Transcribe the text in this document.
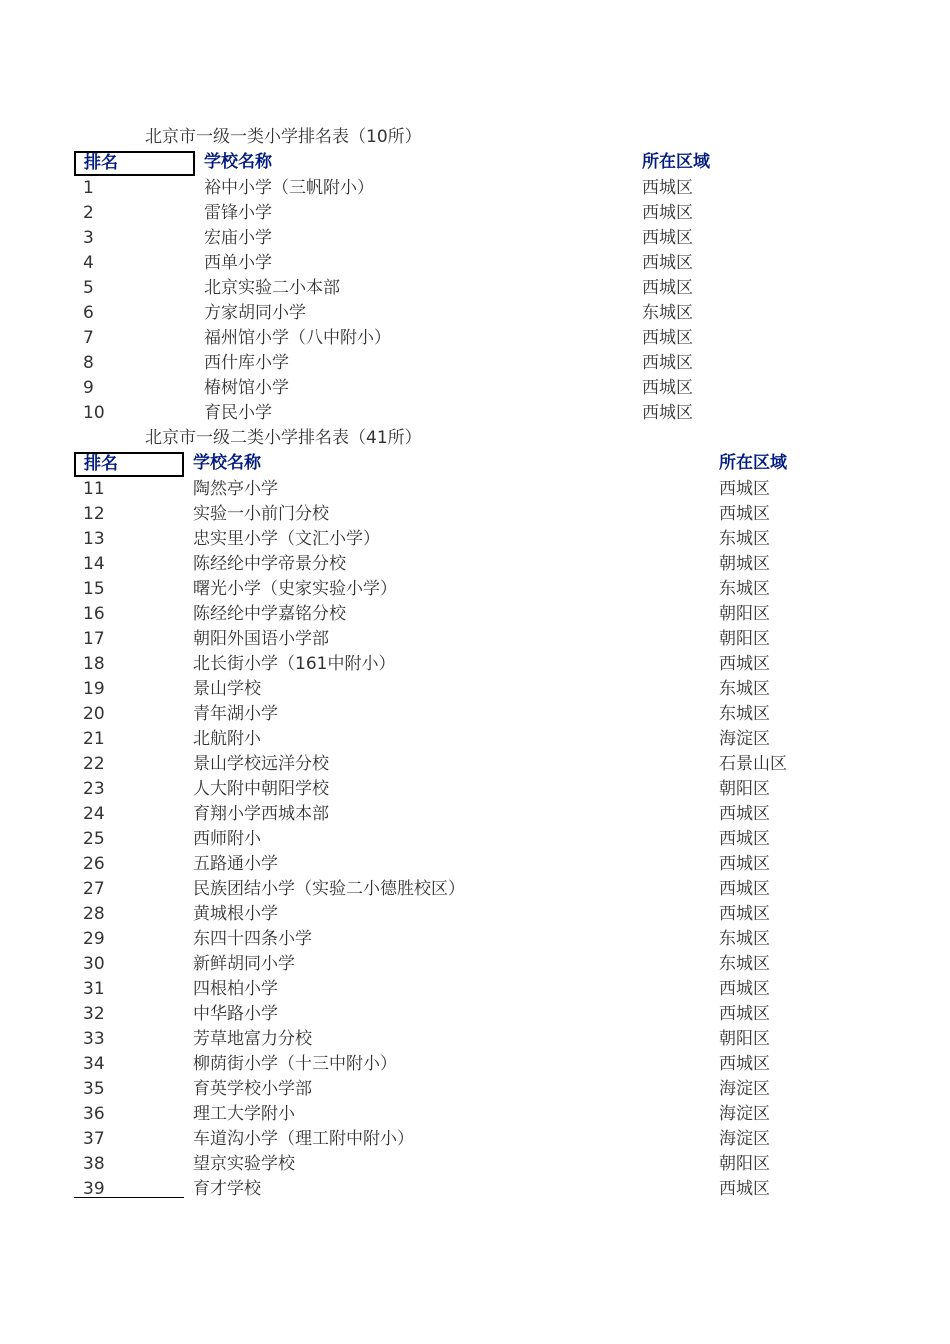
北京市一级一类小学排名表（10所）
排名	学校名称	所在区域
1	裕中小学（三帆附小）	西城区
2	雷锋小学	西城区
3	宏庙小学	西城区
4	西单小学	西城区
5	北京实验二小本部	西城区
6	方家胡同小学	东城区
7	福州馆小学（八中附小）	西城区
8	西什库小学	西城区
9	椿树馆小学	西城区
10	育民小学	西城区
北京市一级二类小学排名表（41所）
排名	学校名称	所在区域
11	陶然亭小学	西城区
12	实验一小前门分校	西城区
13	忠实里小学（文汇小学）	东城区
14	陈经纶中学帝景分校	朝城区
15	曙光小学（史家实验小学）	东城区
16	陈经纶中学嘉铭分校	朝阳区
17	朝阳外国语小学部	朝阳区
18	北长街小学（161中附小）	西城区
19	景山学校	东城区
20	青年湖小学	东城区
21	北航附小	海淀区
22	景山学校远洋分校	石景山区
23	人大附中朝阳学校	朝阳区
24	育翔小学西城本部	西城区
25	西师附小	西城区
26	五路通小学	西城区
27	民族团结小学（实验二小德胜校区）	西城区
28	黄城根小学	西城区
29	东四十四条小学	东城区
30	新鲜胡同小学	东城区
31	四根柏小学	西城区
32	中华路小学	西城区
33	芳草地富力分校	朝阳区
34	柳荫街小学（十三中附小）	西城区
35	育英学校小学部	海淀区
36	理工大学附小	海淀区
37	车道沟小学（理工附中附小）	海淀区
38	望京实验学校	朝阳区
39	育才学校	西城区
